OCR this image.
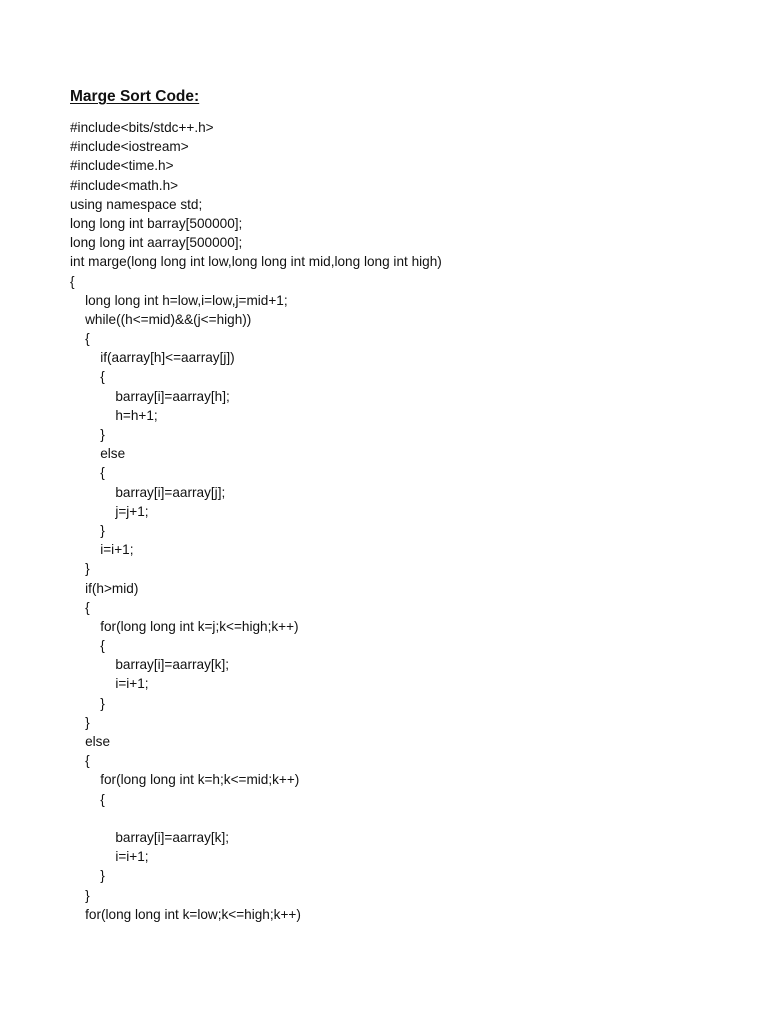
Marge Sort Code:
#include<bits/stdc++.h>
#include<iostream>
#include<time.h>
#include<math.h>
using namespace std;
long long int barray[500000];
long long int aarray[500000];
int marge(long long int low,long long int mid,long long int high)
{
long long int h=low,i=low,j=mid+1;
while((h<=mid)&&(j<=high))
{
if(aarray[h]<=aarray[j])
{
barray[i]=aarray[h];
h=h+1;
}
else
{
barray[i]=aarray[j];
j=j+1;
}
i=i+1;
}
if(h>mid)
{
for(long long int k=j;k<=high;k++)
{
barray[i]=aarray[k];
i=i+1;
}
}
else
{
for(long long int k=h;k<=mid;k++)
{
barray[i]=aarray[k];
i=i+1;
}
}
for(long long int k=low;k<=high;k++)
